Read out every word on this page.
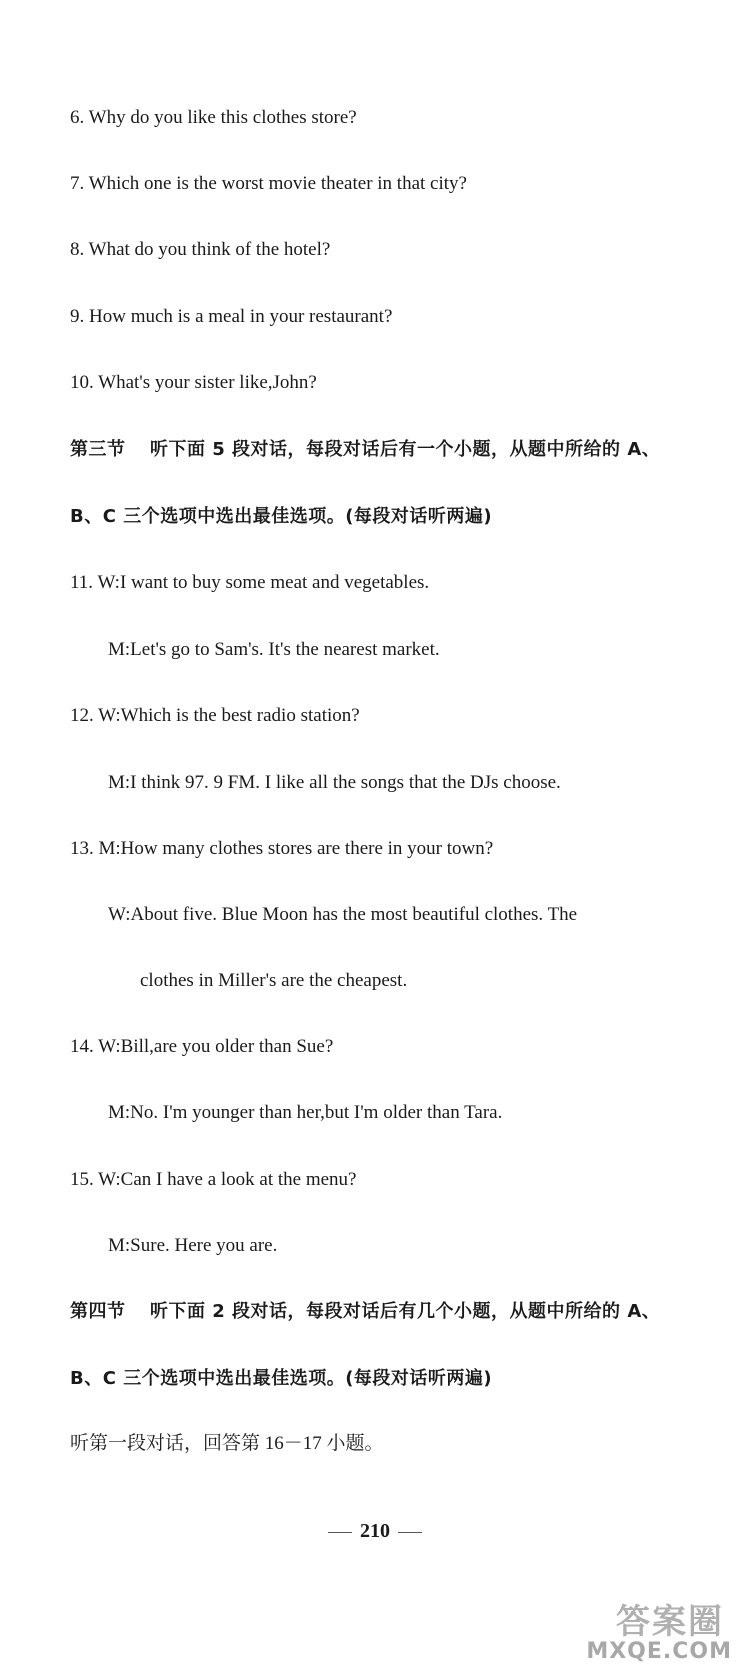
6. Why do you like this clothes store?
7. Which one is the worst movie theater in that city?
8. What do you think of the hotel?
9. How much is a meal in your restaurant?
10. What's your sister like,John?
第三节 听下面 5 段对话，每段对话后有一个小题，从题中所给的 A、
B、C 三个选项中选出最佳选项。(每段对话听两遍)
11. W:I want to buy some meat and vegetables.
M:Let's go to Sam's. It's the nearest market.
12. W:Which is the best radio station?
M:I think 97. 9 FM. I like all the songs that the DJs choose.
13. M:How many clothes stores are there in your town?
W:About five. Blue Moon has the most beautiful clothes. The
clothes in Miller's are the cheapest.
14. W:Bill,are you older than Sue?
M:No. I'm younger than her,but I'm older than Tara.
15. W:Can I have a look at the menu?
M:Sure. Here you are.
第四节 听下面 2 段对话，每段对话后有几个小题，从题中所给的 A、
B、C 三个选项中选出最佳选项。(每段对话听两遍)
听第一段对话，回答第 16－17 小题。
210
答案圈
MXQE.COM
